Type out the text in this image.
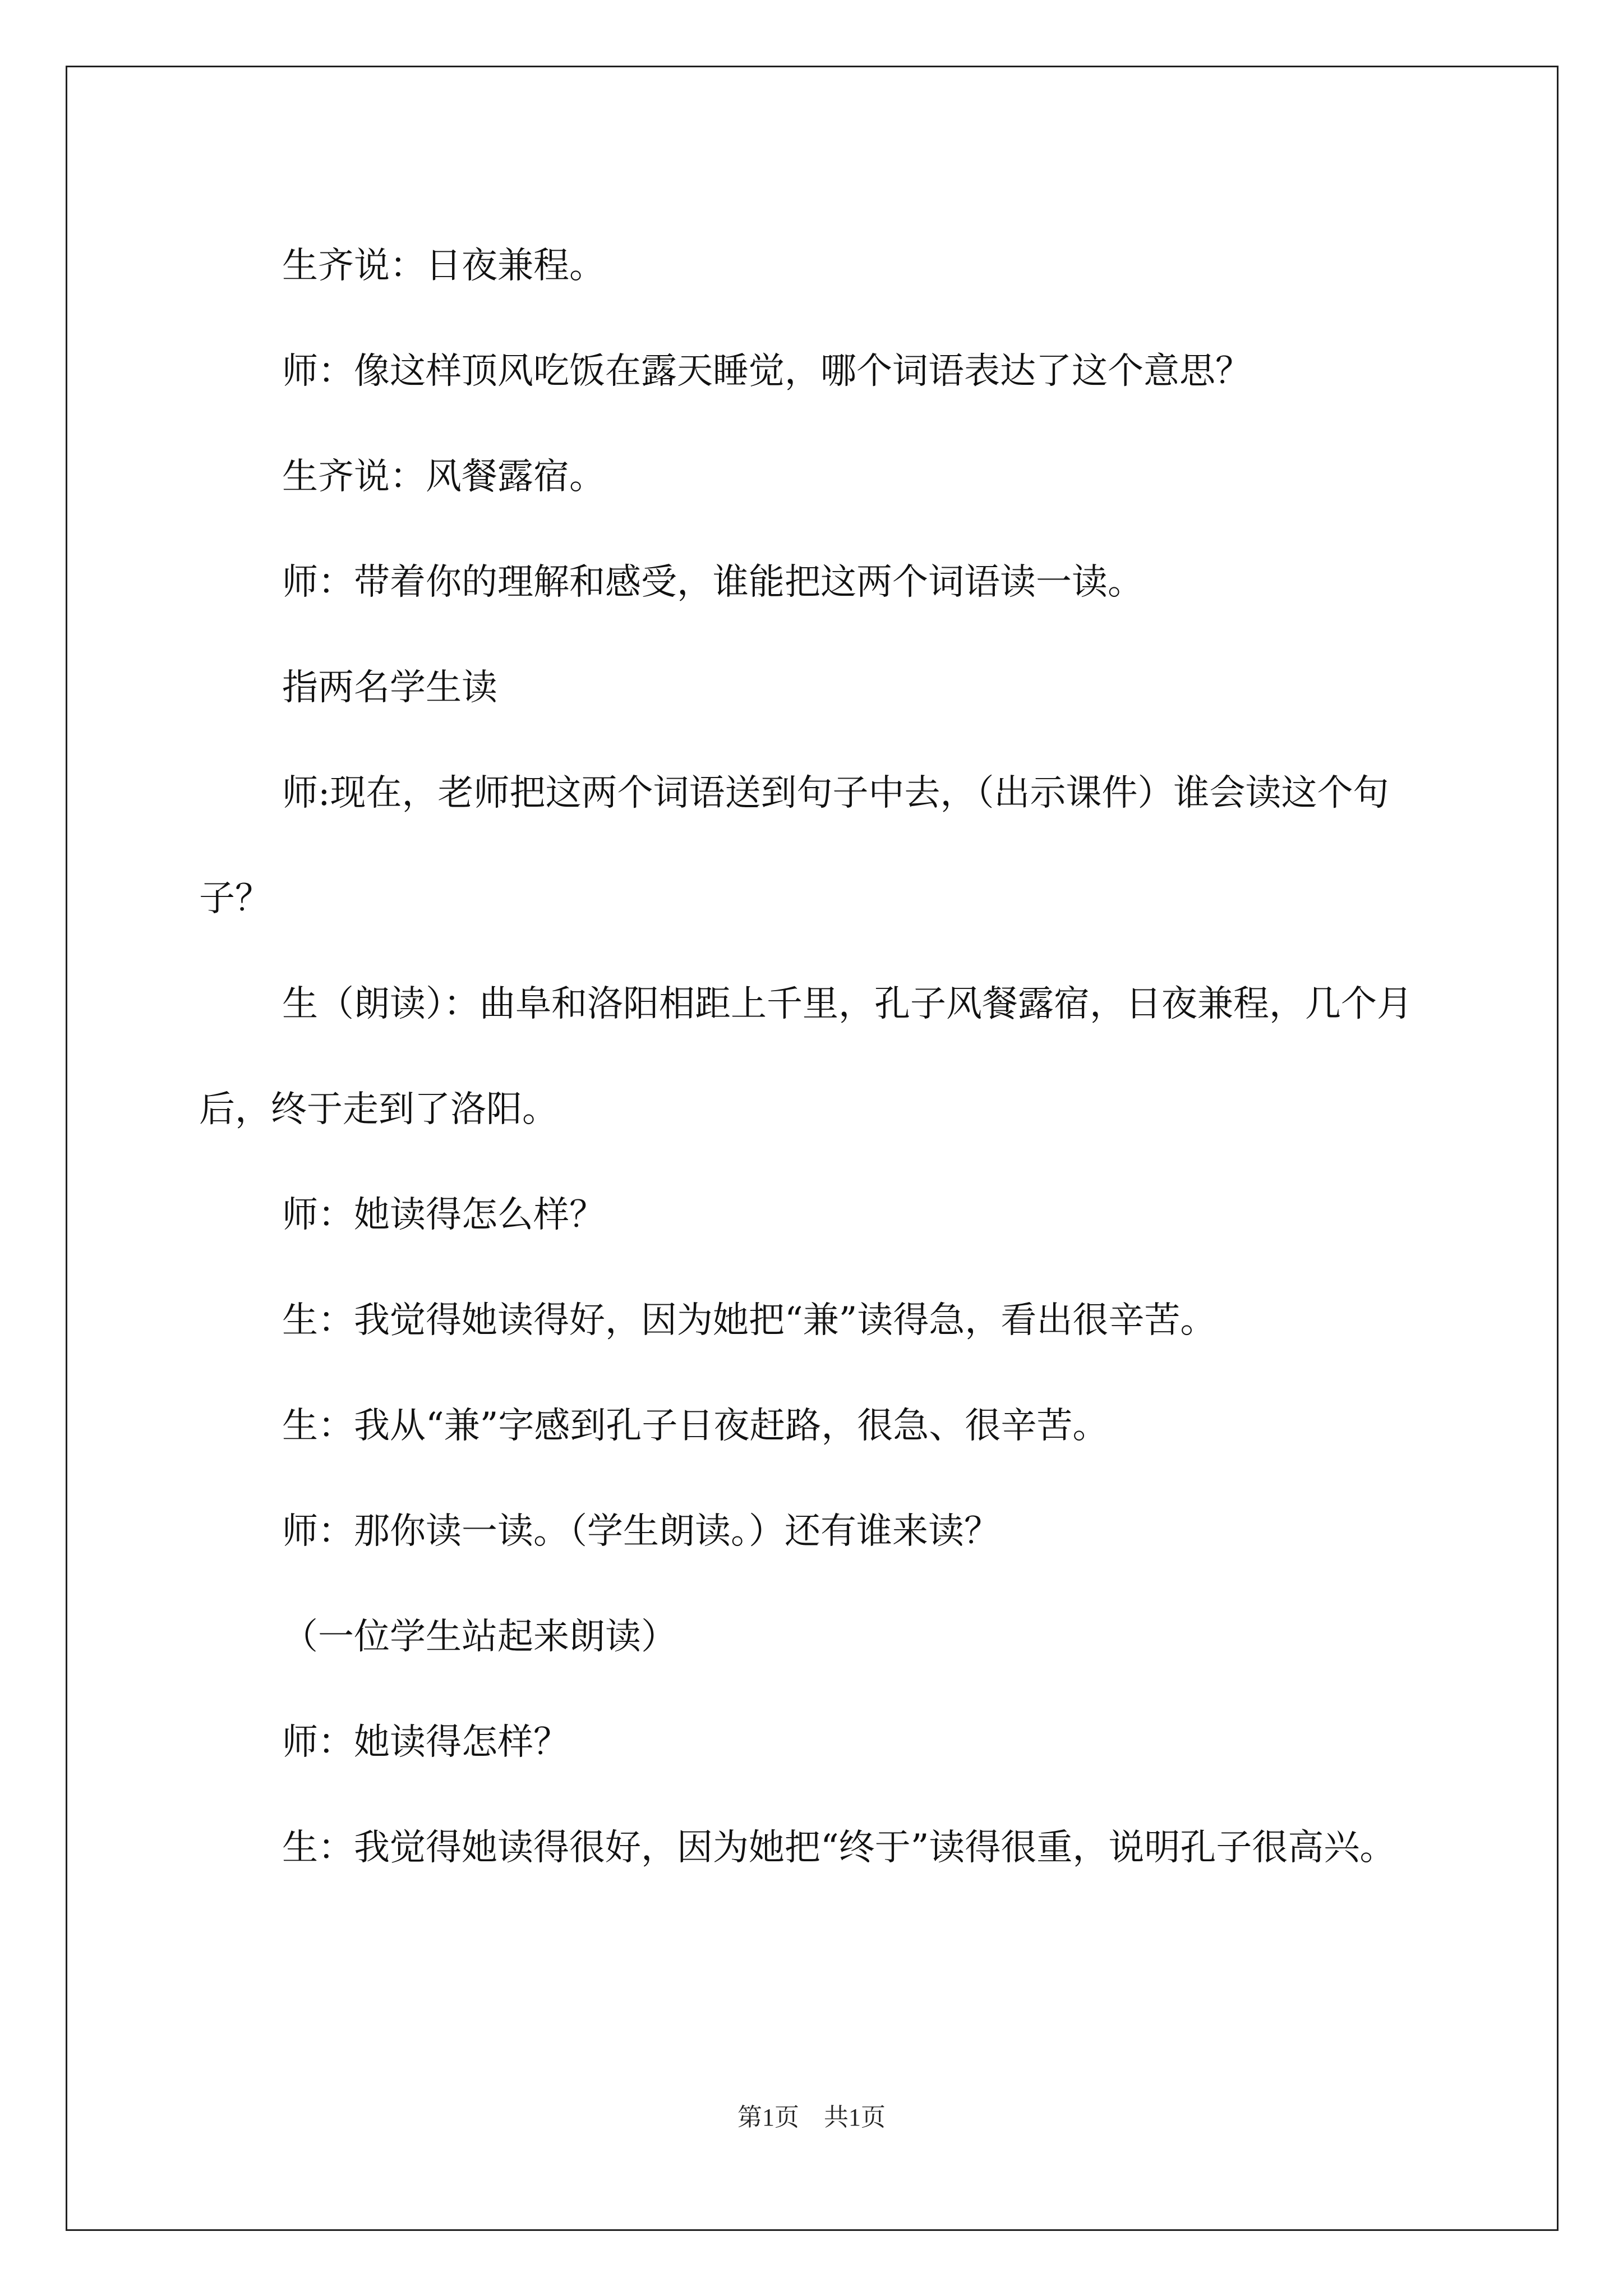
生齐说：日夜兼程。

师：像这样顶风吃饭在露天睡觉，哪个词语表达了这个意思？

生齐说：风餐露宿。

师：带着你的理解和感受，谁能把这两个词语读一读。

指两名学生读

师:现在，老师把这两个词语送到句子中去，（出示课件）谁会读这个句子？

生（朗读）：曲阜和洛阳相距上千里，孔子风餐露宿，日夜兼程，几个月后，终于走到了洛阳。

师：她读得怎么样？

生：我觉得她读得好，因为她把“兼”读得急，看出很辛苦。

生：我从“兼”字感到孔子日夜赶路，很急、很辛苦。

师：那你读一读。（学生朗读。）还有谁来读？

（一位学生站起来朗读）

师：她读得怎样？

生：我觉得她读得很好，因为她把“终于”读得很重，说明孔子很高兴。

第1页　共1页
